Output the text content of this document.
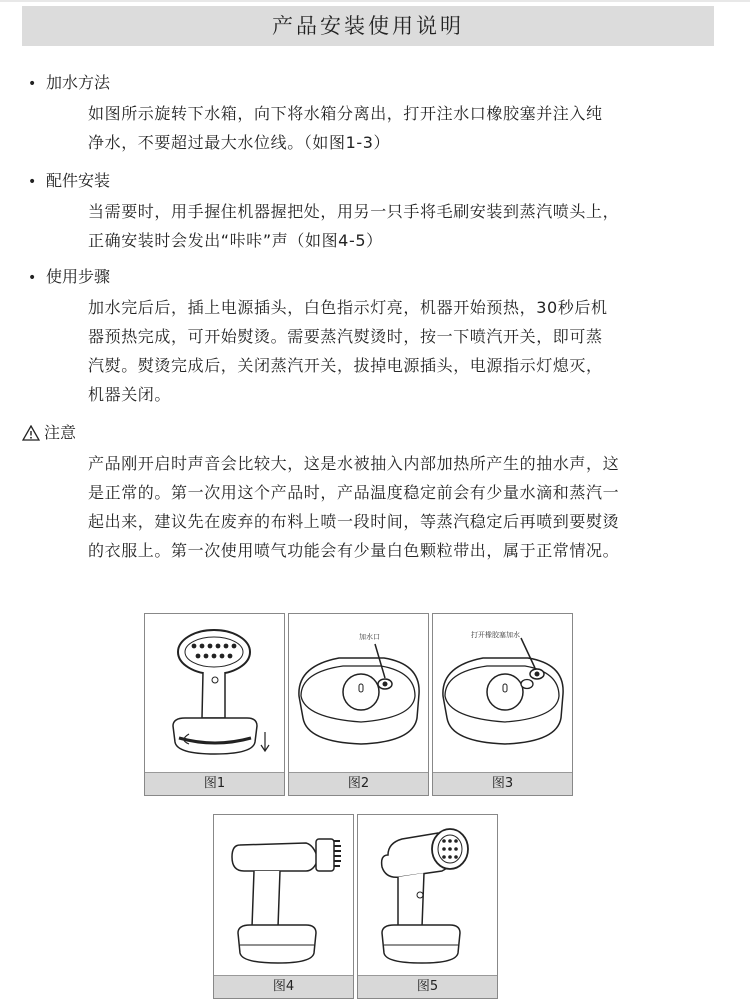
产品安装使用说明
• 加水方法
如图所示旋转下水箱，向下将水箱分离出，打开注水口橡胶塞并注入纯
净水，不要超过最大水位线。（如图1-3）
• 配件安装
当需要时，用手握住机器握把处，用另一只手将毛刷安装到蒸汽喷头上，
正确安装时会发出“咔咔”声（如图4-5）
• 使用步骤
加水完后后，插上电源插头，白色指示灯亮，机器开始预热，30秒后机
器预热完成，可开始熨烫。需要蒸汽熨烫时，按一下喷汽开关，即可蒸
汽熨。熨烫完成后，关闭蒸汽开关，拔掉电源插头，电源指示灯熄灭，
机器关闭。
注意
产品刚开启时声音会比较大，这是水被抽入内部加热所产生的抽水声，这
是正常的。第一次用这个产品时，产品温度稳定前会有少量水滴和蒸汽一
起出来，建议先在废弃的布料上喷一段时间，等蒸汽稳定后再喷到要熨烫
的衣服上。第一次使用喷气功能会有少量白色颗粒带出，属于正常情况。
图1
加水口
图2
打开橡胶塞加水
图3
图4	图5
